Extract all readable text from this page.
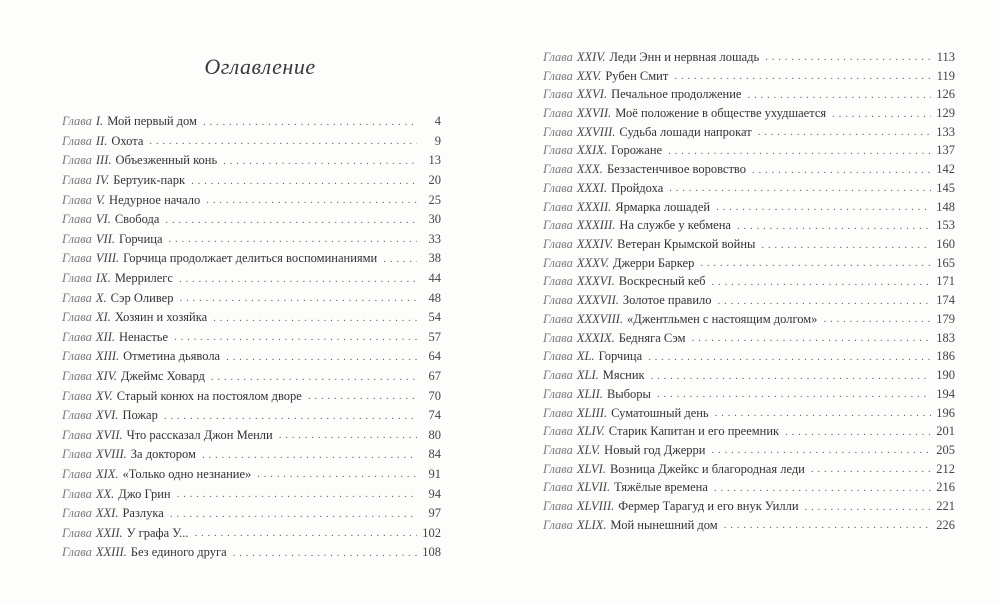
Оглавление
Глава I. Мой первый дом . . .	4
Глава II. Охота . . .	9
Глава III. Объезженный конь . . .	13
Глава IV. Бертуик-парк . . .	20
Глава V. Недурное начало . . .	25
Глава VI. Свобода . . .	30
Глава VII. Горчица . . .	33
Глава VIII. Горчица продолжает делиться воспоминаниями . . .	38
Глава IX. Меррилегс . . .	44
Глава X. Сэр Оливер . . .	48
Глава XI. Хозяин и хозяйка . . .	54
Глава XII. Ненастье . . .	57
Глава XIII. Отметина дьявола . . .	64
Глава XIV. Джеймс Ховард . . .	67
Глава XV. Старый конюх на постоялом дворе . . .	70
Глава XVI. Пожар . . .	74
Глава XVII. Что рассказал Джон Менли . . .	80
Глава XVIII. За доктором . . .	84
Глава XIX. «Только одно незнание» . . .	91
Глава XX. Джо Грин . . .	94
Глава XXI. Разлука . . .	97
Глава XXII. У графа У... . . .	102
Глава XXIII. Без единого друга . . .	108
Глава XXIV. Леди Энн и нервная лошадь . . .	113
Глава XXV. Рубен Смит . . .	119
Глава XXVI. Печальное продолжение . . .	126
Глава XXVII. Моё положение в обществе ухудшается . . .	129
Глава XXVIII. Судьба лошади напрокат . . .	133
Глава XXIX. Горожане . . .	137
Глава XXX. Беззастенчивое воровство . . .	142
Глава XXXI. Пройдоха . . .	145
Глава XXXII. Ярмарка лошадей . . .	148
Глава XXXIII. На службе у кебмена . . .	153
Глава XXXIV. Ветеран Крымской войны . . .	160
Глава XXXV. Джерри Баркер . . .	165
Глава XXXVI. Воскресный кеб . . .	171
Глава XXXVII. Золотое правило . . .	174
Глава XXXVIII. «Джентльмен с настоящим долгом» . . .	179
Глава XXXIX. Бедняга Сэм . . .	183
Глава XL. Горчица . . .	186
Глава XLI. Мясник . . .	190
Глава XLII. Выборы . . .	194
Глава XLIII. Суматошный день . . .	196
Глава XLIV. Старик Капитан и его преемник . . .	201
Глава XLV. Новый год Джерри . . .	205
Глава XLVI. Возница Джейкс и благородная леди . . .	212
Глава XLVII. Тяжёлые времена . . .	216
Глава XLVIII. Фермер Тарагуд и его внук Уилли . . .	221
Глава XLIX. Мой нынешний дом . . .	226
